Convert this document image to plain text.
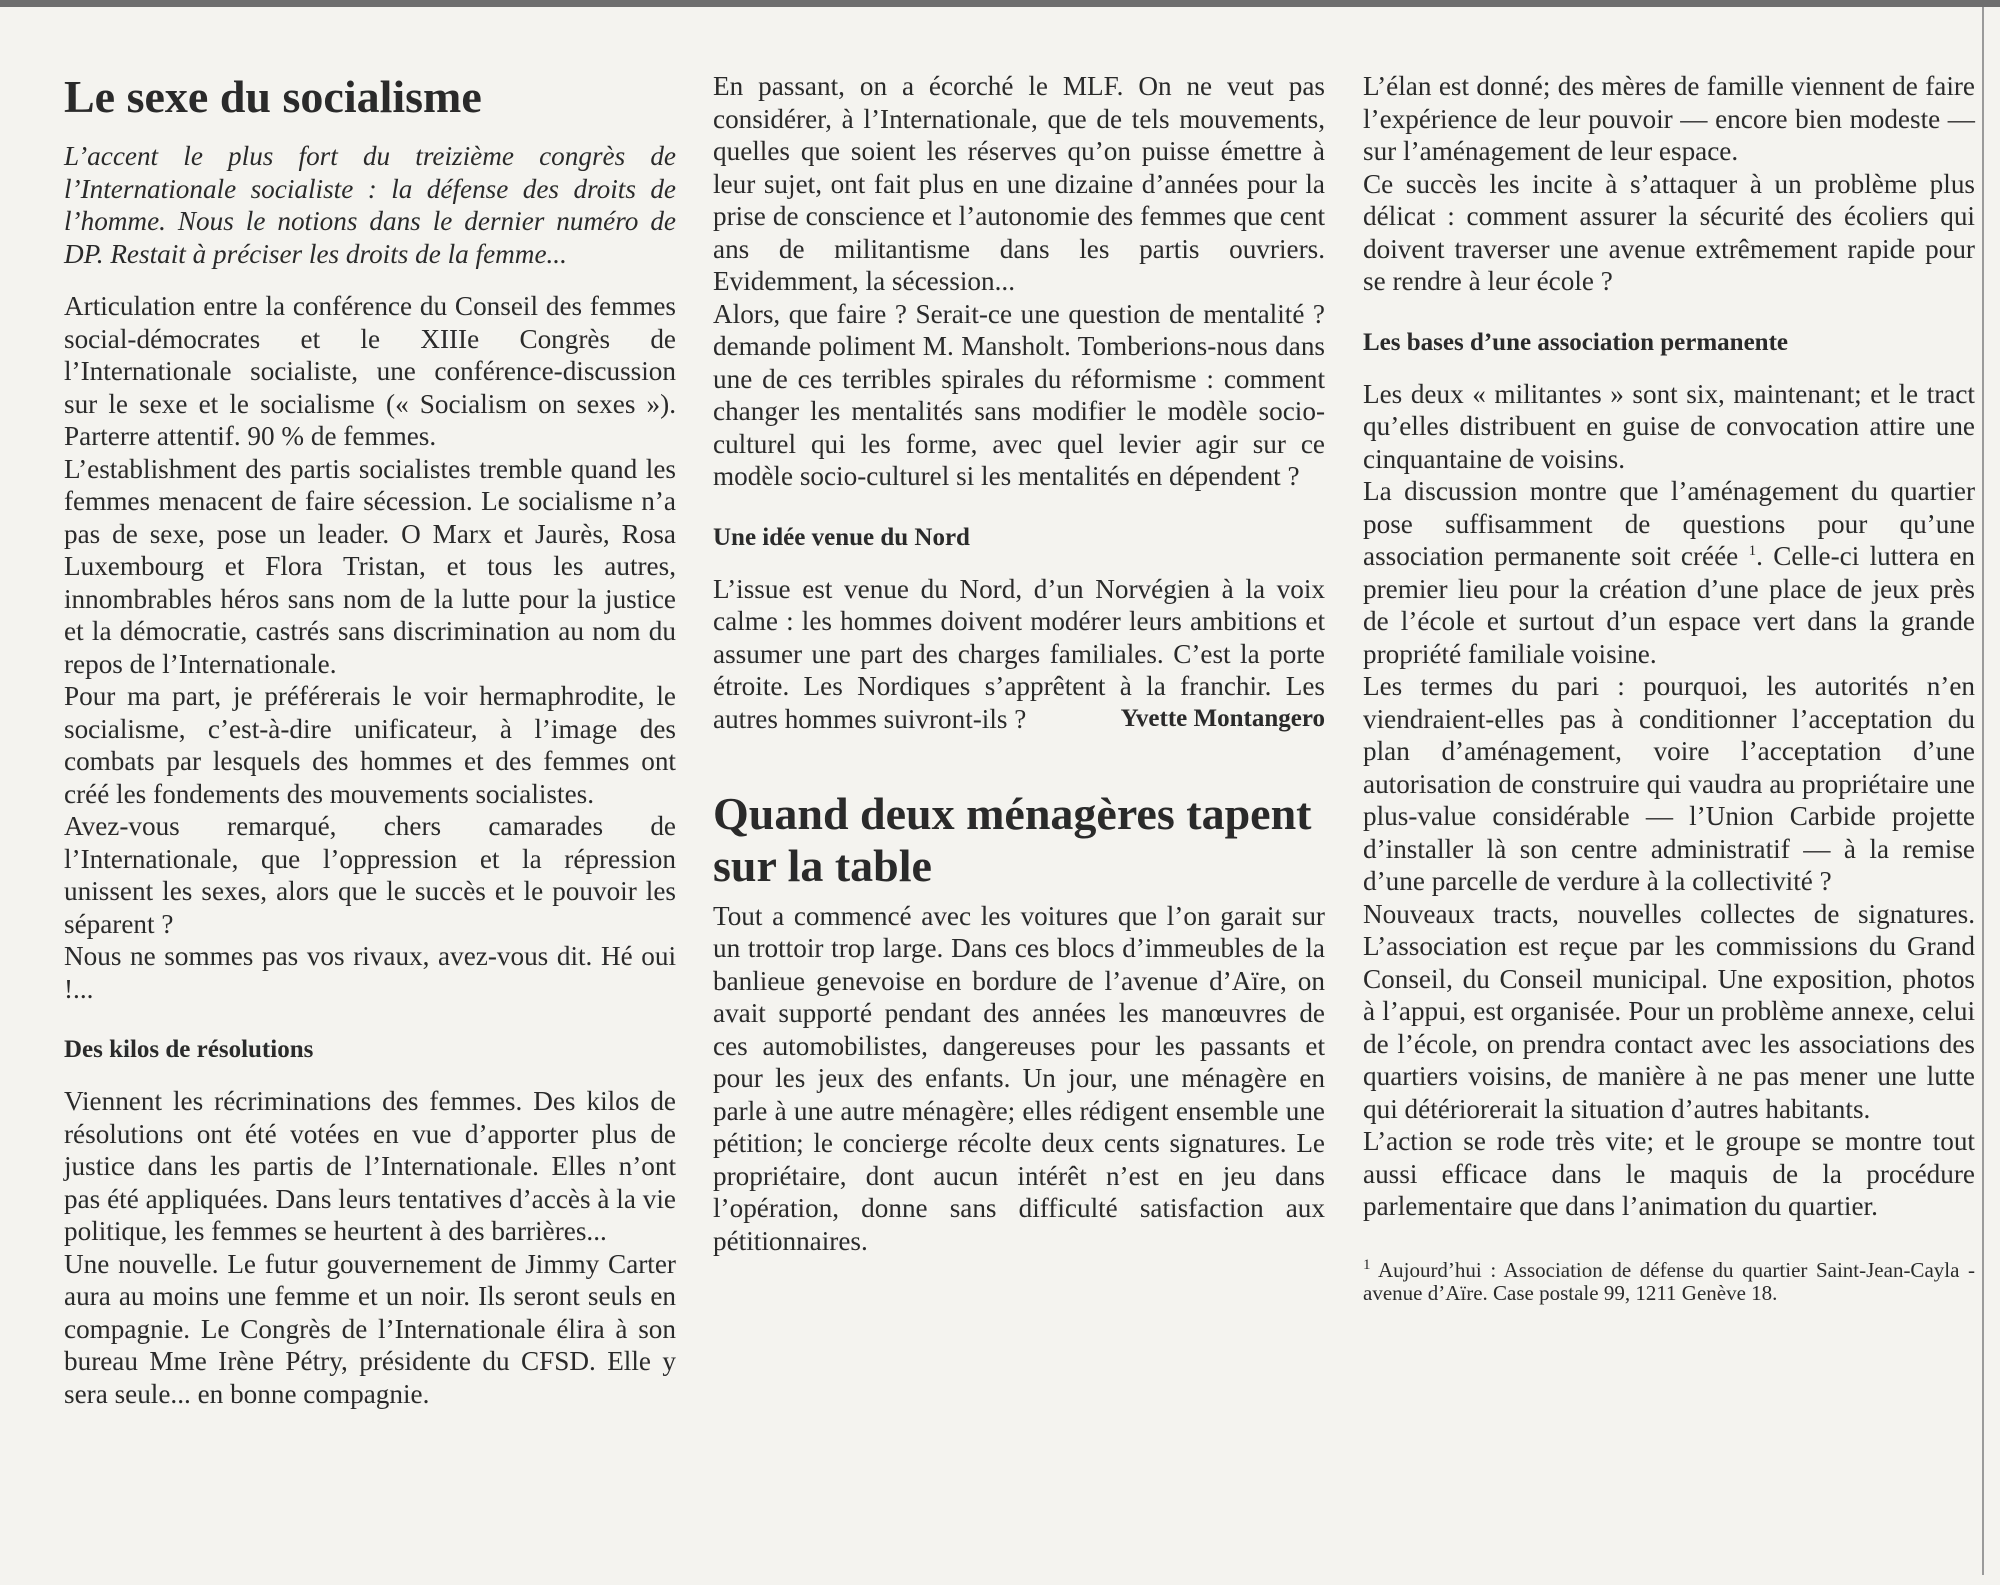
Le sexe du socialisme

L’accent le plus fort du treizième congrès de l’Internationale socialiste : la défense des droits de l’homme. Nous le notions dans le dernier numéro de DP. Restait à préciser les droits de la femme...

Articulation entre la conférence du Conseil des femmes social-démocrates et le XIIIe Congrès de l’Internationale socialiste, une conférence-discussion sur le sexe et le socialisme (« Socialism on sexes »). Parterre attentif. 90 % de femmes.

L’establishment des partis socialistes tremble quand les femmes menacent de faire sécession. Le socialisme n’a pas de sexe, pose un leader. O Marx et Jaurès, Rosa Luxembourg et Flora Tristan, et tous les autres, innombrables héros sans nom de la lutte pour la justice et la démocratie, castrés sans discrimination au nom du repos de l’Internationale.

Pour ma part, je préférerais le voir hermaphrodite, le socialisme, c’est-à-dire unificateur, à l’image des combats par lesquels des hommes et des femmes ont créé les fondements des mouvements socialistes.

Avez-vous remarqué, chers camarades de l’Internationale, que l’oppression et la répression unissent les sexes, alors que le succès et le pouvoir les séparent ?

Nous ne sommes pas vos rivaux, avez-vous dit. Hé oui !...

Des kilos de résolutions

Viennent les récriminations des femmes. Des kilos de résolutions ont été votées en vue d’apporter plus de justice dans les partis de l’Internationale. Elles n’ont pas été appliquées. Dans leurs tentatives d’accès à la vie politique, les femmes se heurtent à des barrières...

Une nouvelle. Le futur gouvernement de Jimmy Carter aura au moins une femme et un noir. Ils seront seuls en compagnie. Le Congrès de l’Internationale élira à son bureau Mme Irène Pétry, présidente du CFSD. Elle y sera seule... en bonne compagnie.

En passant, on a écorché le MLF. On ne veut pas considérer, à l’Internationale, que de tels mouvements, quelles que soient les réserves qu’on puisse émettre à leur sujet, ont fait plus en une dizaine d’années pour la prise de conscience et l’autonomie des femmes que cent ans de militantisme dans les partis ouvriers. Evidemment, la sécession...

Alors, que faire ? Serait-ce une question de mentalité ? demande poliment M. Mansholt. Tomberions-nous dans une de ces terribles spirales du réformisme : comment changer les mentalités sans modifier le modèle socio-culturel qui les forme, avec quel levier agir sur ce modèle socio-culturel si les mentalités en dépendent ?

Une idée venue du Nord

L’issue est venue du Nord, d’un Norvégien à la voix calme : les hommes doivent modérer leurs ambitions et assumer une part des charges familiales. C’est la porte étroite. Les Nordiques s’apprêtent à la franchir. Les autres hommes suivront-ils ?	Yvette Montangero

Quand deux ménagères tapent sur la table

Tout a commencé avec les voitures que l’on garait sur un trottoir trop large. Dans ces blocs d’immeubles de la banlieue genevoise en bordure de l’avenue d’Aïre, on avait supporté pendant des années les manœuvres de ces automobilistes, dangereuses pour les passants et pour les jeux des enfants. Un jour, une ménagère en parle à une autre ménagère; elles rédigent ensemble une pétition; le concierge récolte deux cents signatures. Le propriétaire, dont aucun intérêt n’est en jeu dans l’opération, donne sans difficulté satisfaction aux pétitionnaires.

L’élan est donné; des mères de famille viennent de faire l’expérience de leur pouvoir — encore bien modeste — sur l’aménagement de leur espace.

Ce succès les incite à s’attaquer à un problème plus délicat : comment assurer la sécurité des écoliers qui doivent traverser une avenue extrêmement rapide pour se rendre à leur école ?

Les bases d’une association permanente

Les deux « militantes » sont six, maintenant; et le tract qu’elles distribuent en guise de convocation attire une cinquantaine de voisins.

La discussion montre que l’aménagement du quartier pose suffisamment de questions pour qu’une association permanente soit créée $^1$. Celle-ci luttera en premier lieu pour la création d’une place de jeux près de l’école et surtout d’un espace vert dans la grande propriété familiale voisine.

Les termes du pari : pourquoi, les autorités n’en viendraient-elles pas à conditionner l’acceptation du plan d’aménagement, voire l’acceptation d’une autorisation de construire qui vaudra au propriétaire une plus-value considérable — l’Union Carbide projette d’installer là son centre administratif — à la remise d’une parcelle de verdure à la collectivité ?

Nouveaux tracts, nouvelles collectes de signatures. L’association est reçue par les commissions du Grand Conseil, du Conseil municipal. Une exposition, photos à l’appui, est organisée. Pour un problème annexe, celui de l’école, on prendra contact avec les associations des quartiers voisins, de manière à ne pas mener une lutte qui détériorerait la situation d’autres habitants.

L’action se rode très vite; et le groupe se montre tout aussi efficace dans le maquis de la procédure parlementaire que dans l’animation du quartier.

$^1$ Aujourd’hui : Association de défense du quartier Saint-Jean-Cayla - avenue d’Aïre. Case postale 99, 1211 Genève 18.
